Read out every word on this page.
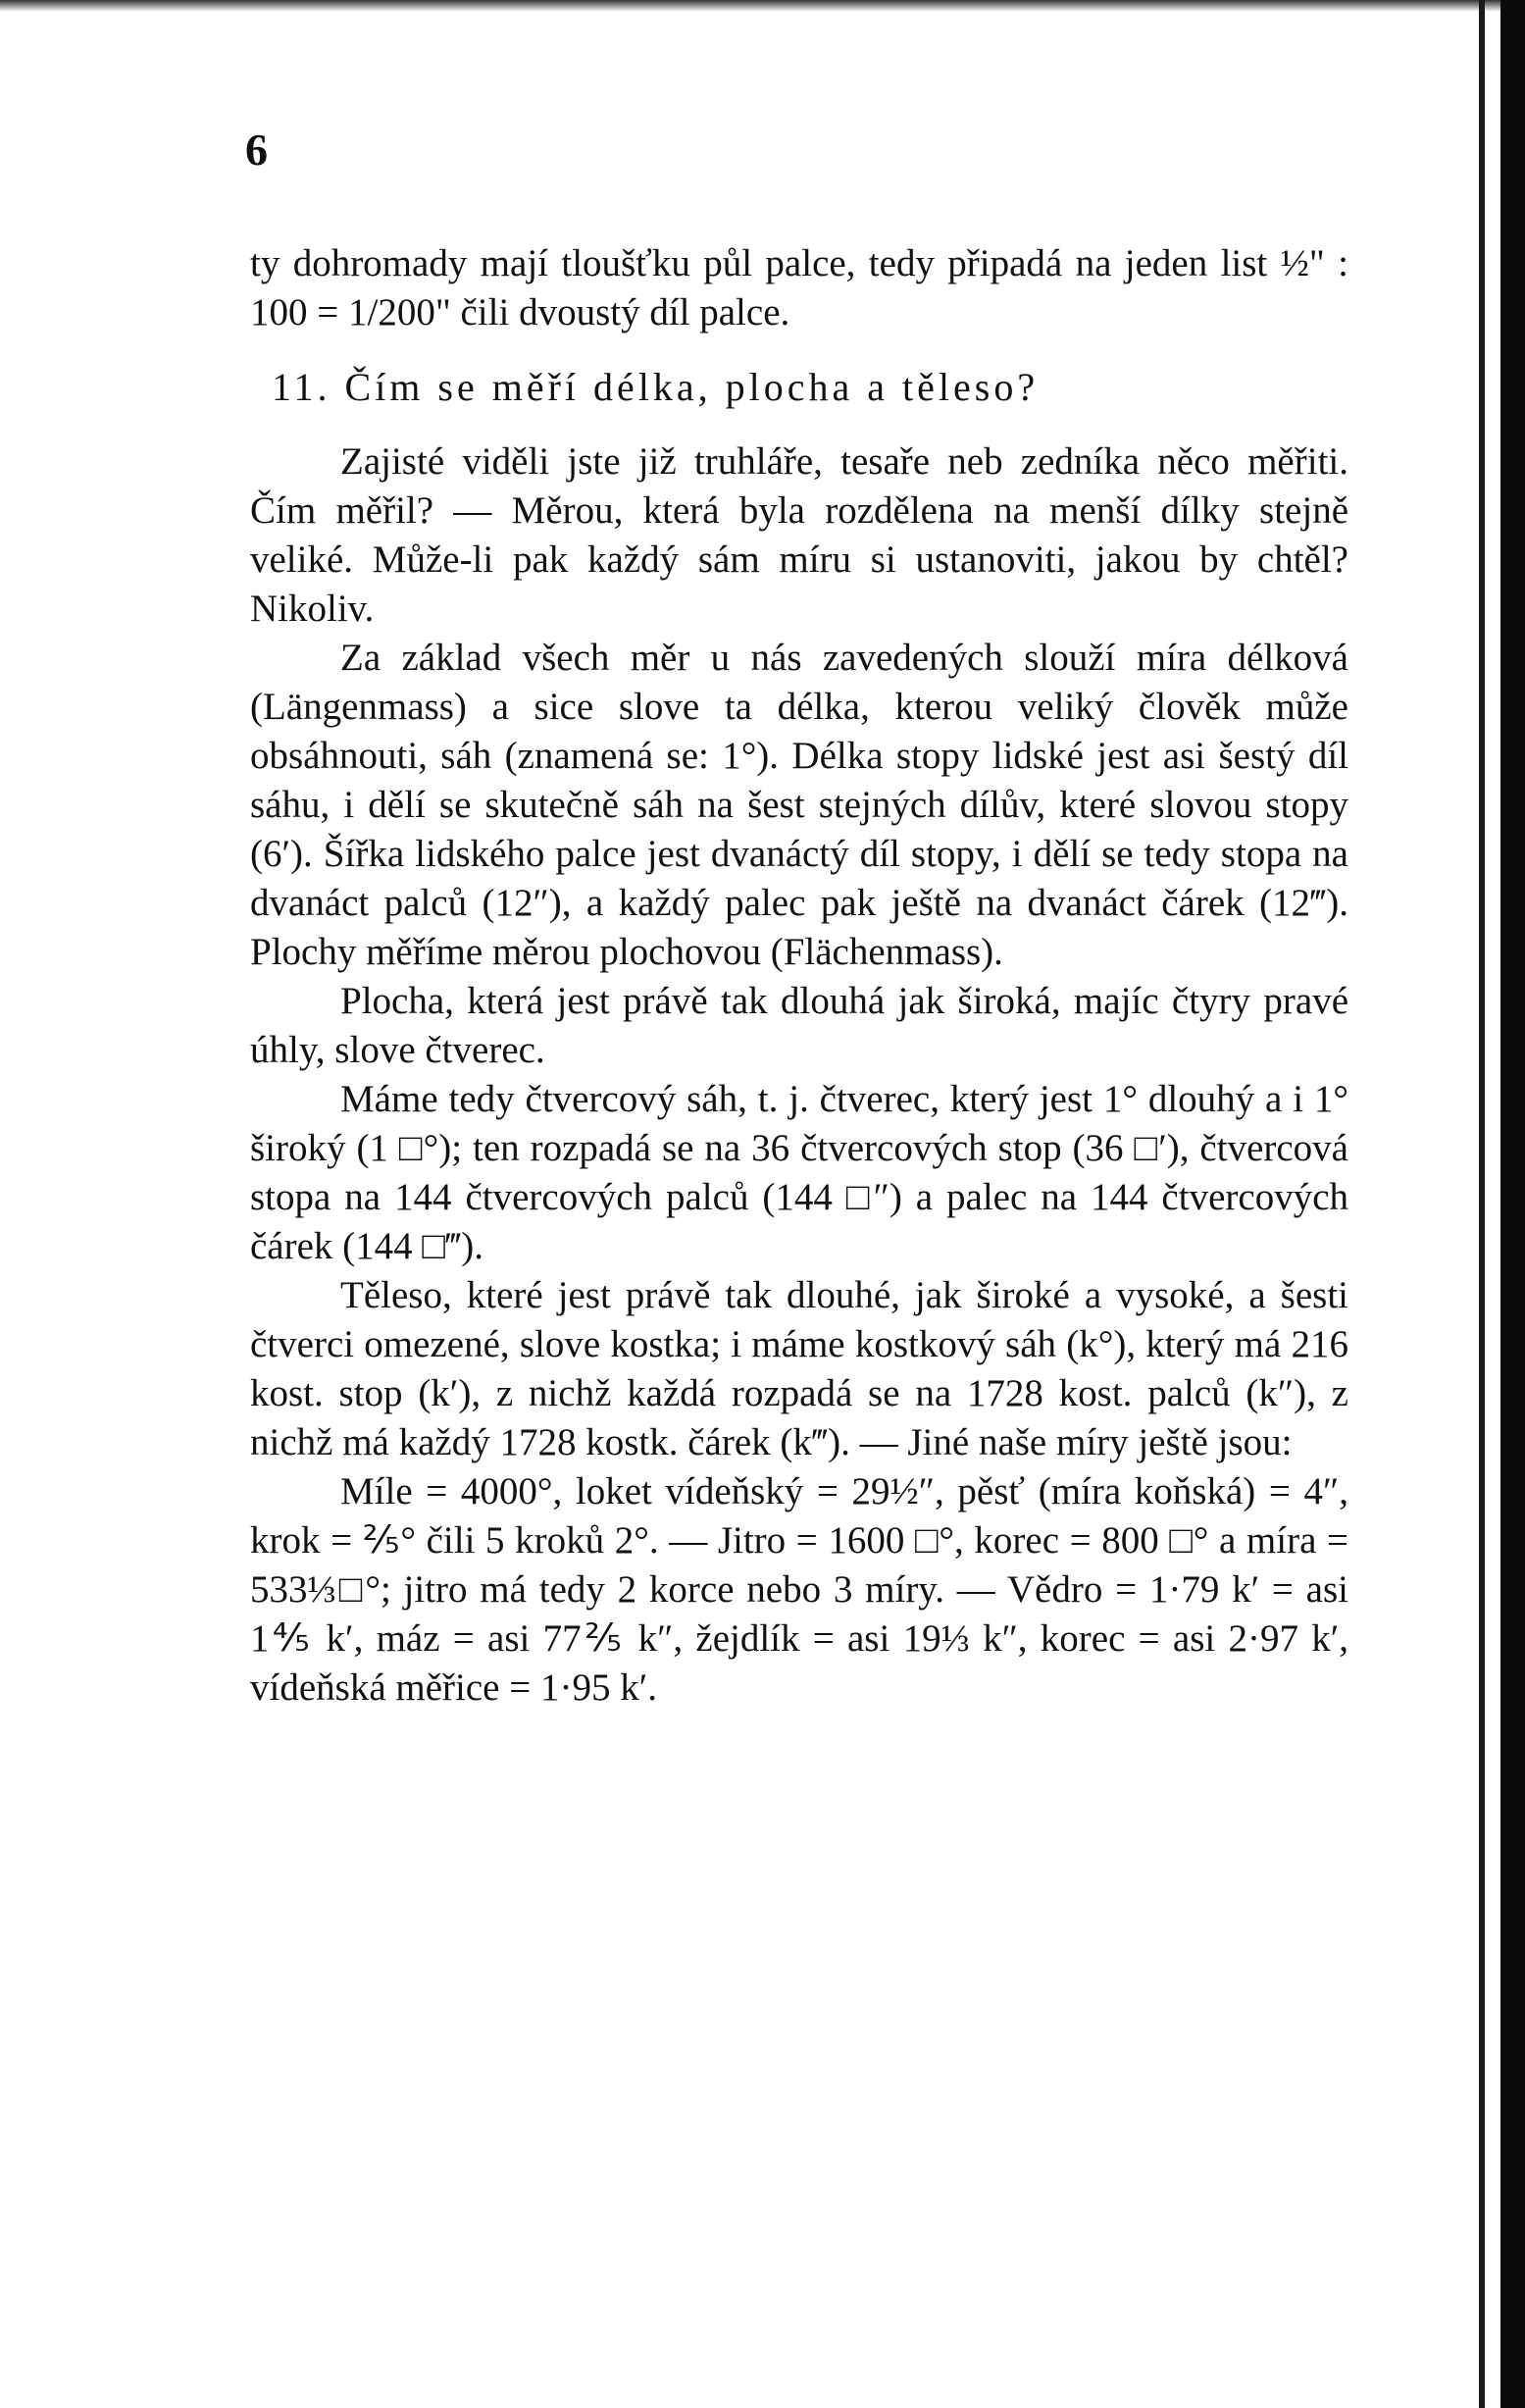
6

ty dohromady mají tloušťku půl palce, tedy připadá na jeden list ½" : 100 = 1/200" čili dvoustý díl palce.

11. Čím se měří délka, plocha a těleso?

Zajisté viděli jste již truhláře, tesaře neb zedníka něco měřiti. Čím měřil? — Měrou, která byla rozdělena na menší dílky stejně veliké. Může-li pak každý sám míru si ustanoviti, jakou by chtěl? Nikoliv.

Za základ všech měr u nás zavedených slouží míra délková (Längenmass) a sice slove ta délka, kterou veliký člověk může obsáhnouti, sáh (znamená se: 1°). Délka stopy lidské jest asi šestý díl sáhu, i dělí se skutečně sáh na šest stejných dílův, které slovou stopy (6′). Šířka lidského palce jest dvanáctý díl stopy, i dělí se tedy stopa na dvanáct palců (12″), a každý palec pak ještě na dvanáct čárek (12‴). Plochy měříme měrou plochovou (Flächenmass).

Plocha, která jest právě tak dlouhá jak široká, majíc čtyry pravé úhly, slove čtverec.

Máme tedy čtvercový sáh, t. j. čtverec, který jest 1° dlouhý a i 1° široký (1 □°); ten rozpadá se na 36 čtvercových stop (36 □′), čtvercová stopa na 144 čtvercových palců (144 □″) a palec na 144 čtvercových čárek (144 □‴).

Těleso, které jest právě tak dlouhé, jak široké a vysoké, a šesti čtverci omezené, slove kostka; i máme kostkový sáh (k°), který má 216 kost. stop (k′), z nichž každá rozpadá se na 1728 kost. palců (k″), z nichž má každý 1728 kostk. čárek (k‴). — Jiné naše míry ještě jsou:

Míle = 4000°, loket vídeňský = 29½″, pěsť (míra koňská) = 4″, krok = ⅖° čili 5 kroků 2°. — Jitro = 1600 □°, korec = 800 □° a míra = 533⅓□°; jitro má tedy 2 korce nebo 3 míry. — Vědro = 1·79 k′ = asi 1⅘ k′, máz = asi 77⅖ k″, žejdlík = asi 19⅓ k″, korec = asi 2·97 k′, vídeňská měřice = 1·95 k′.
